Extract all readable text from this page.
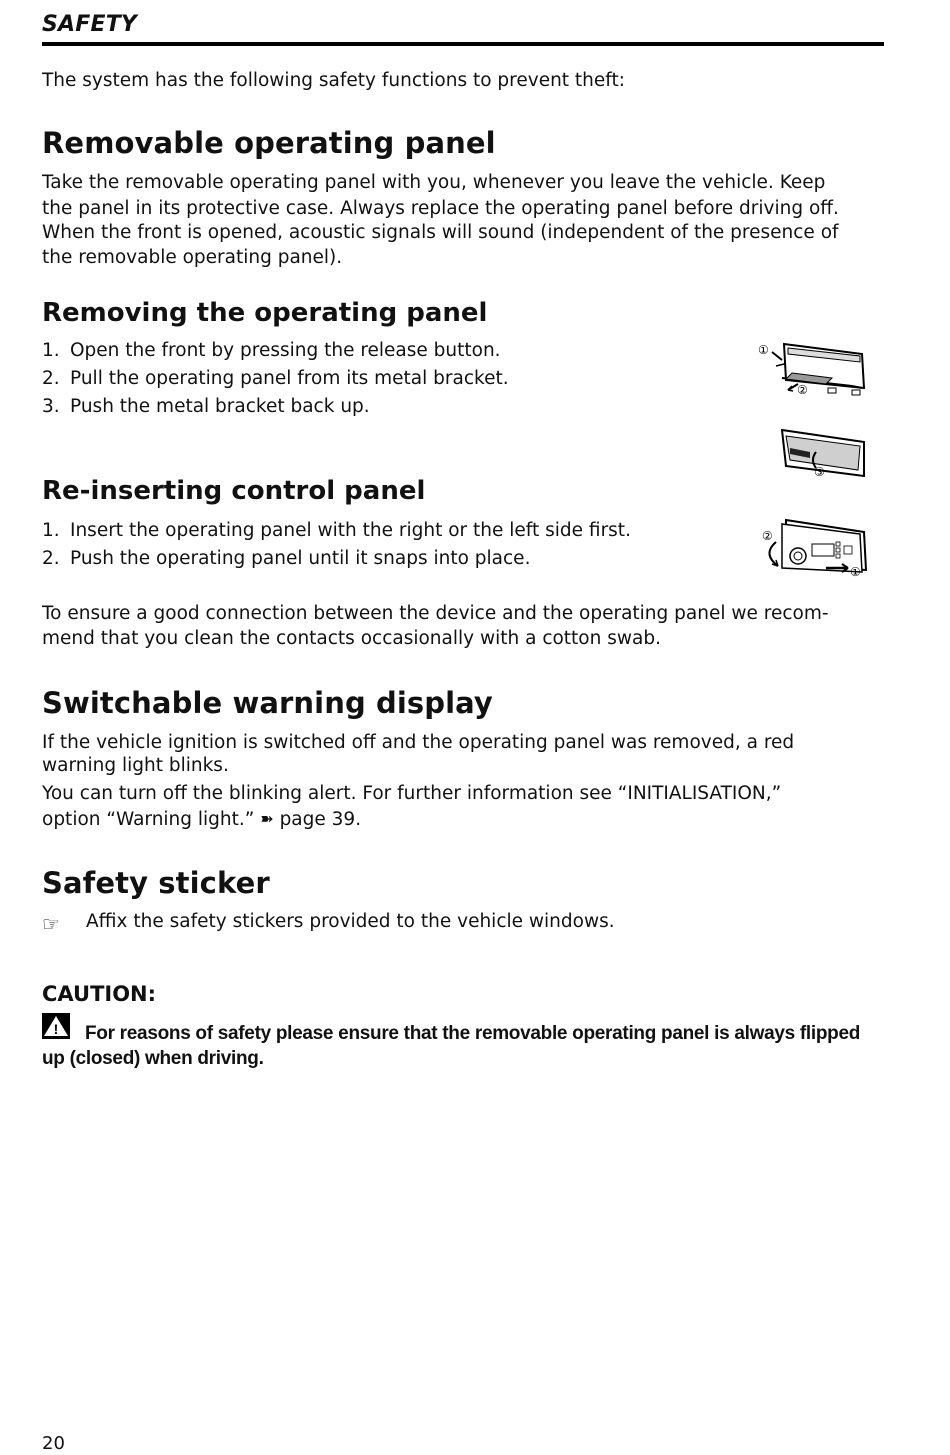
SAFETY
The system has the following safety functions to prevent theft:
Removable operating panel
Take the removable operating panel with you, whenever you leave the vehicle. Keep
the panel in its protective case. Always replace the operating panel before driving off.
When the front is opened, acoustic signals will sound (independent of the presence of
the removable operating panel).
Removing the operating panel
1. Open the front by pressing the release button.
2. Pull the operating panel from its metal bracket.
3. Push the metal bracket back up.
①
②
③
Re-inserting control panel
1. Insert the operating panel with the right or the left side first.
2. Push the operating panel until it snaps into place.
②
①
To ensure a good connection between the device and the operating panel we recom-
mend that you clean the contacts occasionally with a cotton swab.
Switchable warning display
If the vehicle ignition is switched off and the operating panel was removed, a red
warning light blinks.
You can turn off the blinking alert. For further information see “INITIALISATION,”
option “Warning light.” ➽ page 39.
Safety sticker
☞ Affix the safety stickers provided to the vehicle windows.
CAUTION:
!	For reasons of safety please ensure that the removable operating panel is always flipped up (closed) when driving.
20
